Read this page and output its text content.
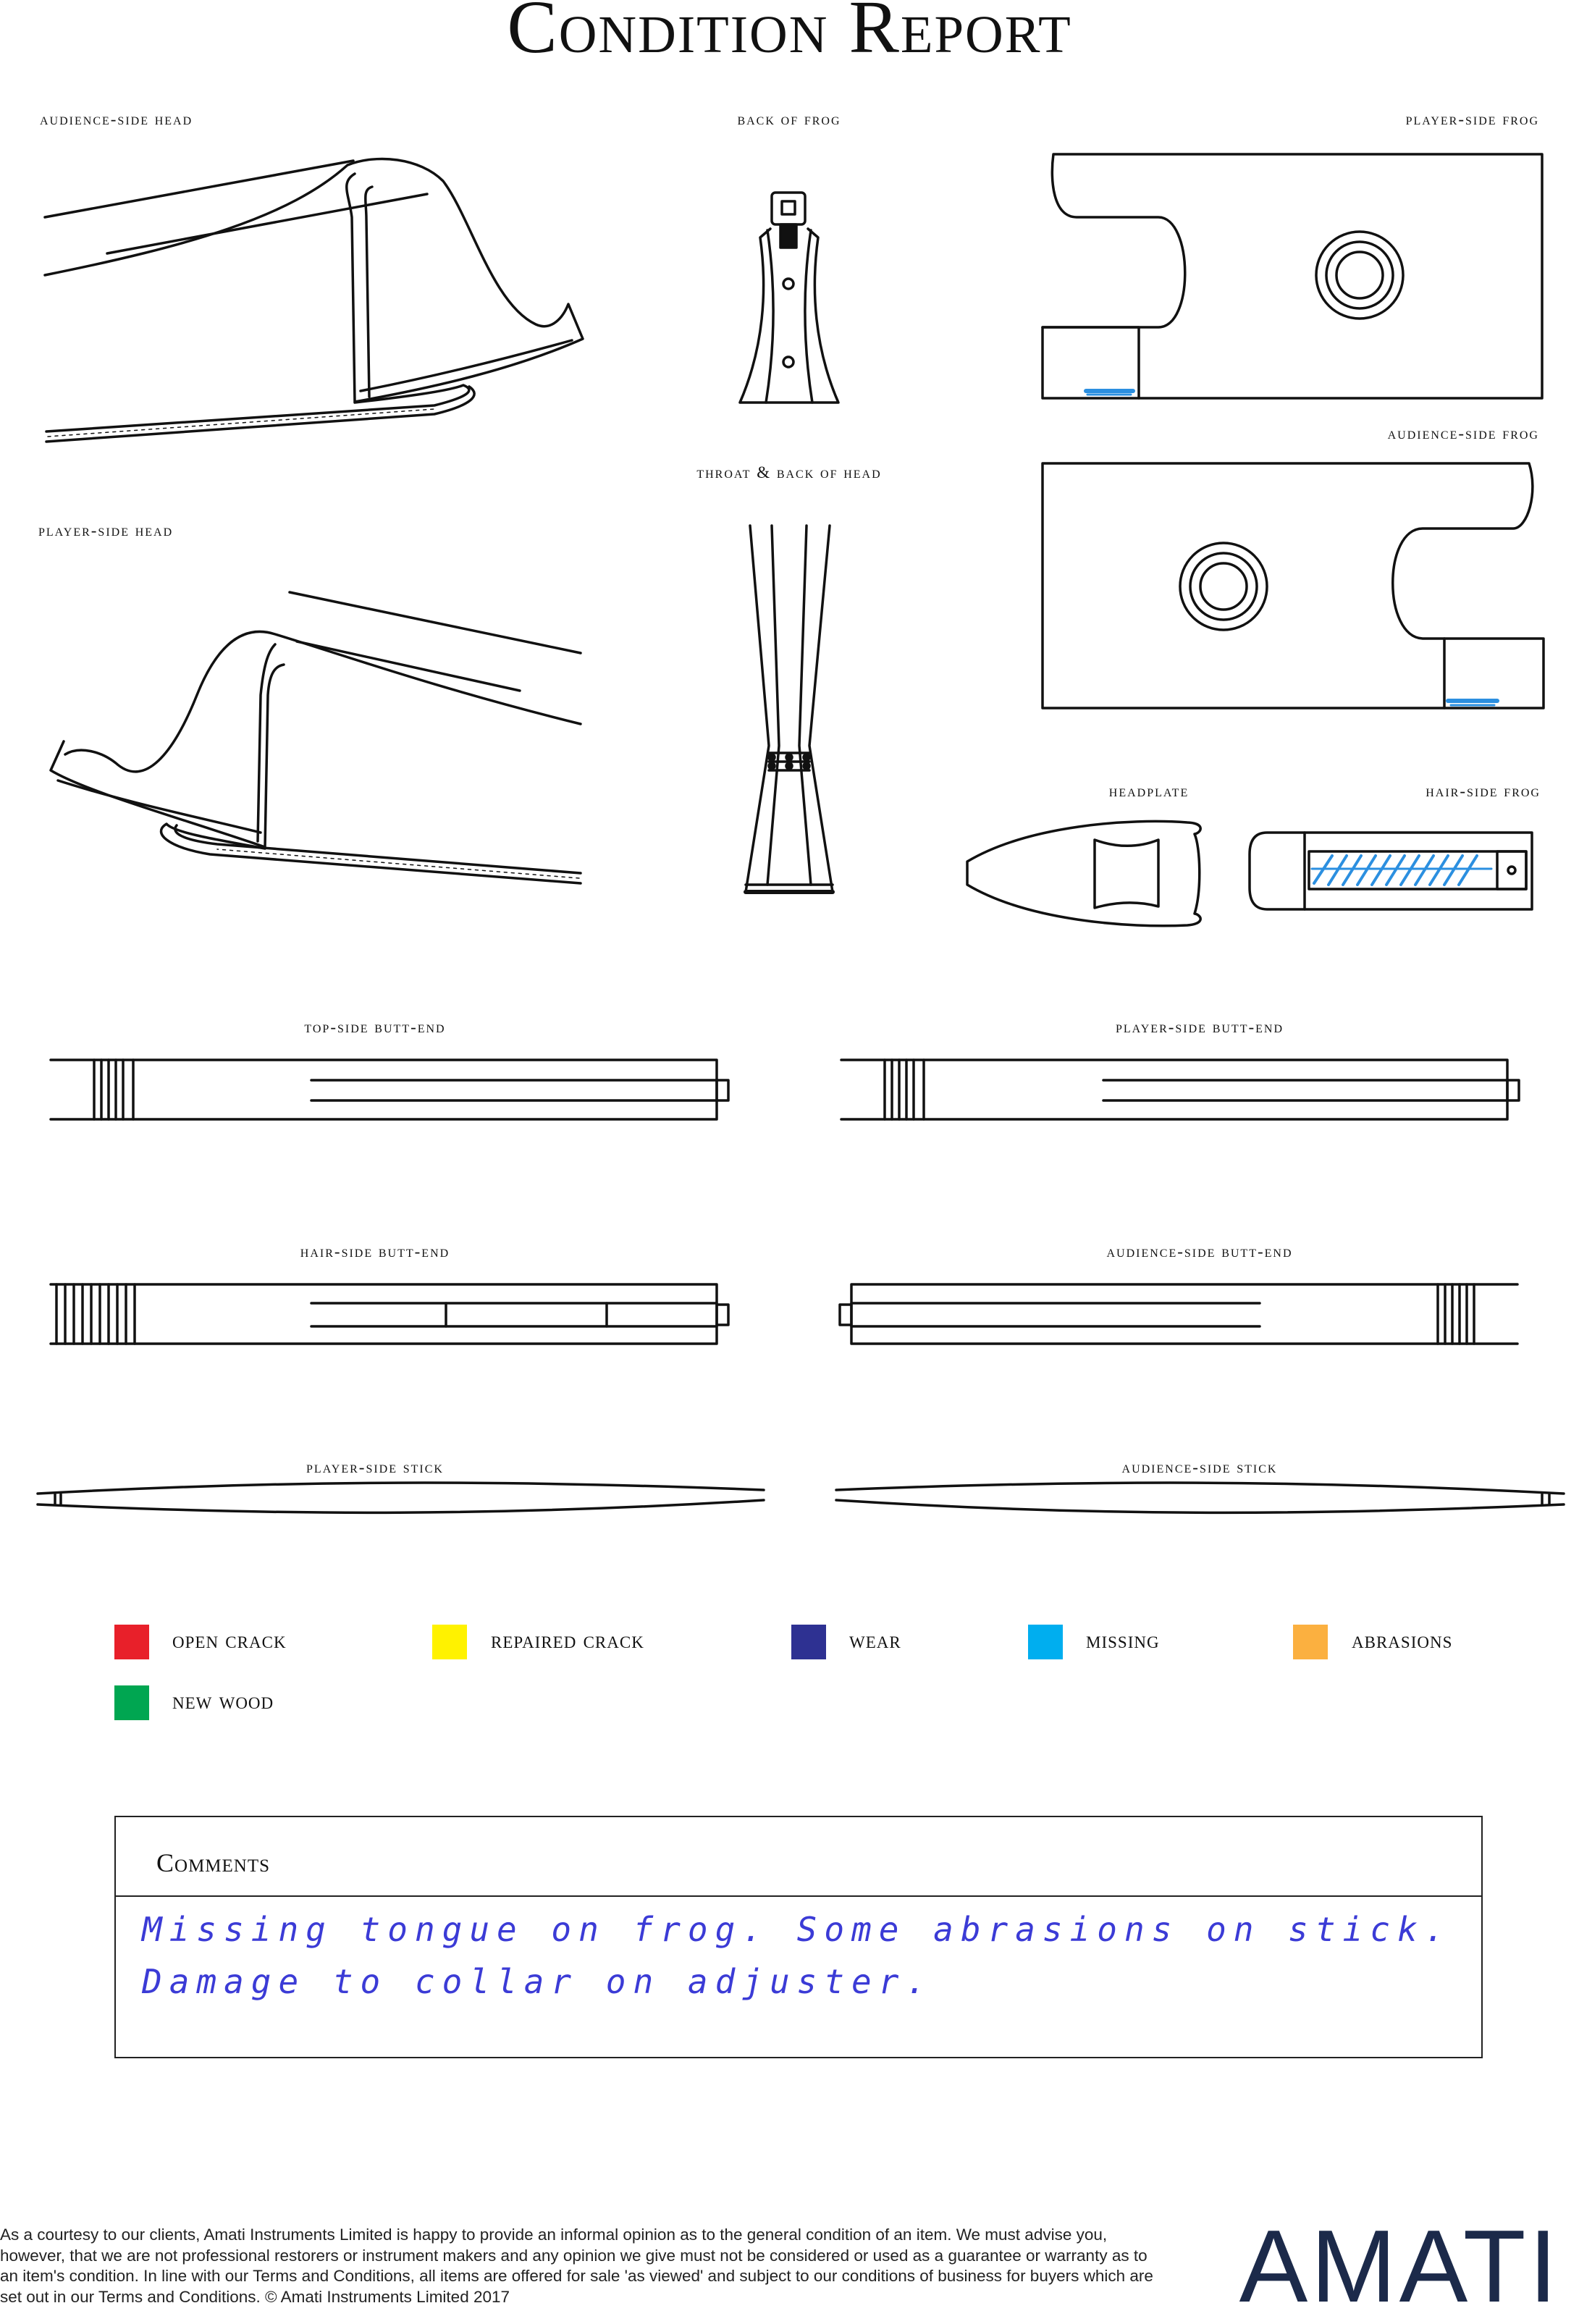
Condition Report
audience-side head	back of frog	player-side frog
audience-side frog
throat & back of head
player-side head
headplate	hair-side frog
top-side butt-end	player-side butt-end
hair-side butt-end	audience-side butt-end
player-side stick	audience-side stick
open crack	repaired crack	wear	missing	abrasions
new wood
Comments
Missing tongue on frog. Some abrasions on stick.
Damage to collar on adjuster.
As a courtesy to our clients, Amati Instruments Limited is happy to provide an informal opinion as to the general condition of an item. We must advise you, however, that we are not professional restorers or instrument makers and any opinion we give must not be considered or used as a guarantee or warranty as to an item's condition. In line with our Terms and Conditions, all items are offered for sale 'as viewed' and subject to our conditions of business for buyers which are set out in our Terms and Conditions. © Amati Instruments Limited 2017	AMATI
